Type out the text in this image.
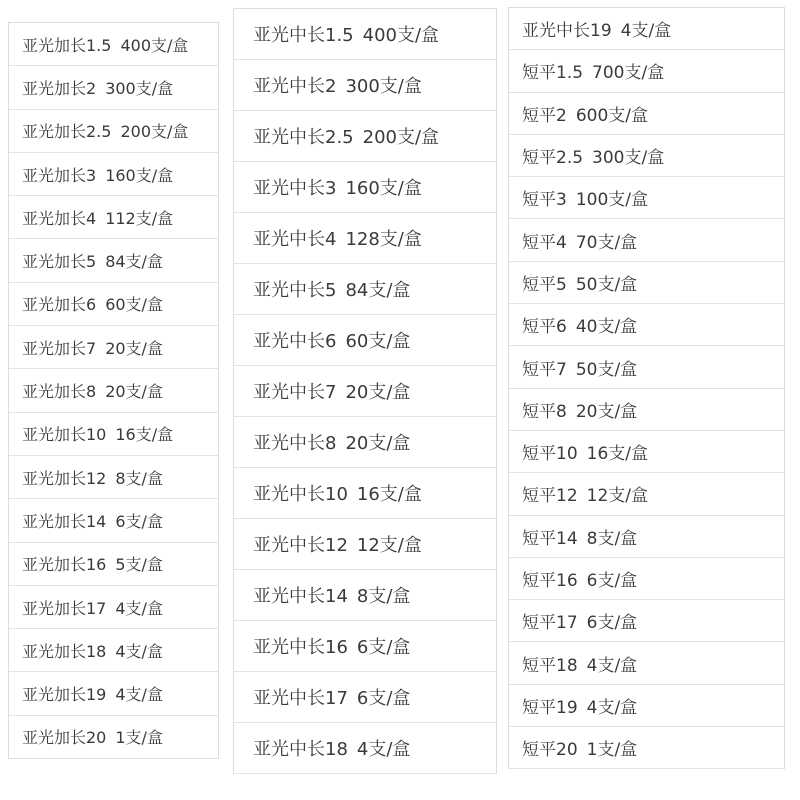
亚光加长1.5 400支/盒
亚光加长2 300支/盒
亚光加长2.5 200支/盒
亚光加长3 160支/盒
亚光加长4 112支/盒
亚光加长5 84支/盒
亚光加长6 60支/盒
亚光加长7 20支/盒
亚光加长8 20支/盒
亚光加长10 16支/盒
亚光加长12 8支/盒
亚光加长14 6支/盒
亚光加长16 5支/盒
亚光加长17 4支/盒
亚光加长18 4支/盒
亚光加长19 4支/盒
亚光加长20 1支/盒
亚光中长1.5 400支/盒
亚光中长2 300支/盒
亚光中长2.5 200支/盒
亚光中长3 160支/盒
亚光中长4 128支/盒
亚光中长5 84支/盒
亚光中长6 60支/盒
亚光中长7 20支/盒
亚光中长8 20支/盒
亚光中长10 16支/盒
亚光中长12 12支/盒
亚光中长14 8支/盒
亚光中长16 6支/盒
亚光中长17 6支/盒
亚光中长18 4支/盒
亚光中长19 4支/盒
短平1.5 700支/盒
短平2 600支/盒
短平2.5 300支/盒
短平3 100支/盒
短平4 70支/盒
短平5 50支/盒
短平6 40支/盒
短平7 50支/盒
短平8 20支/盒
短平10 16支/盒
短平12 12支/盒
短平14 8支/盒
短平16 6支/盒
短平17 6支/盒
短平18 4支/盒
短平19 4支/盒
短平20 1支/盒
